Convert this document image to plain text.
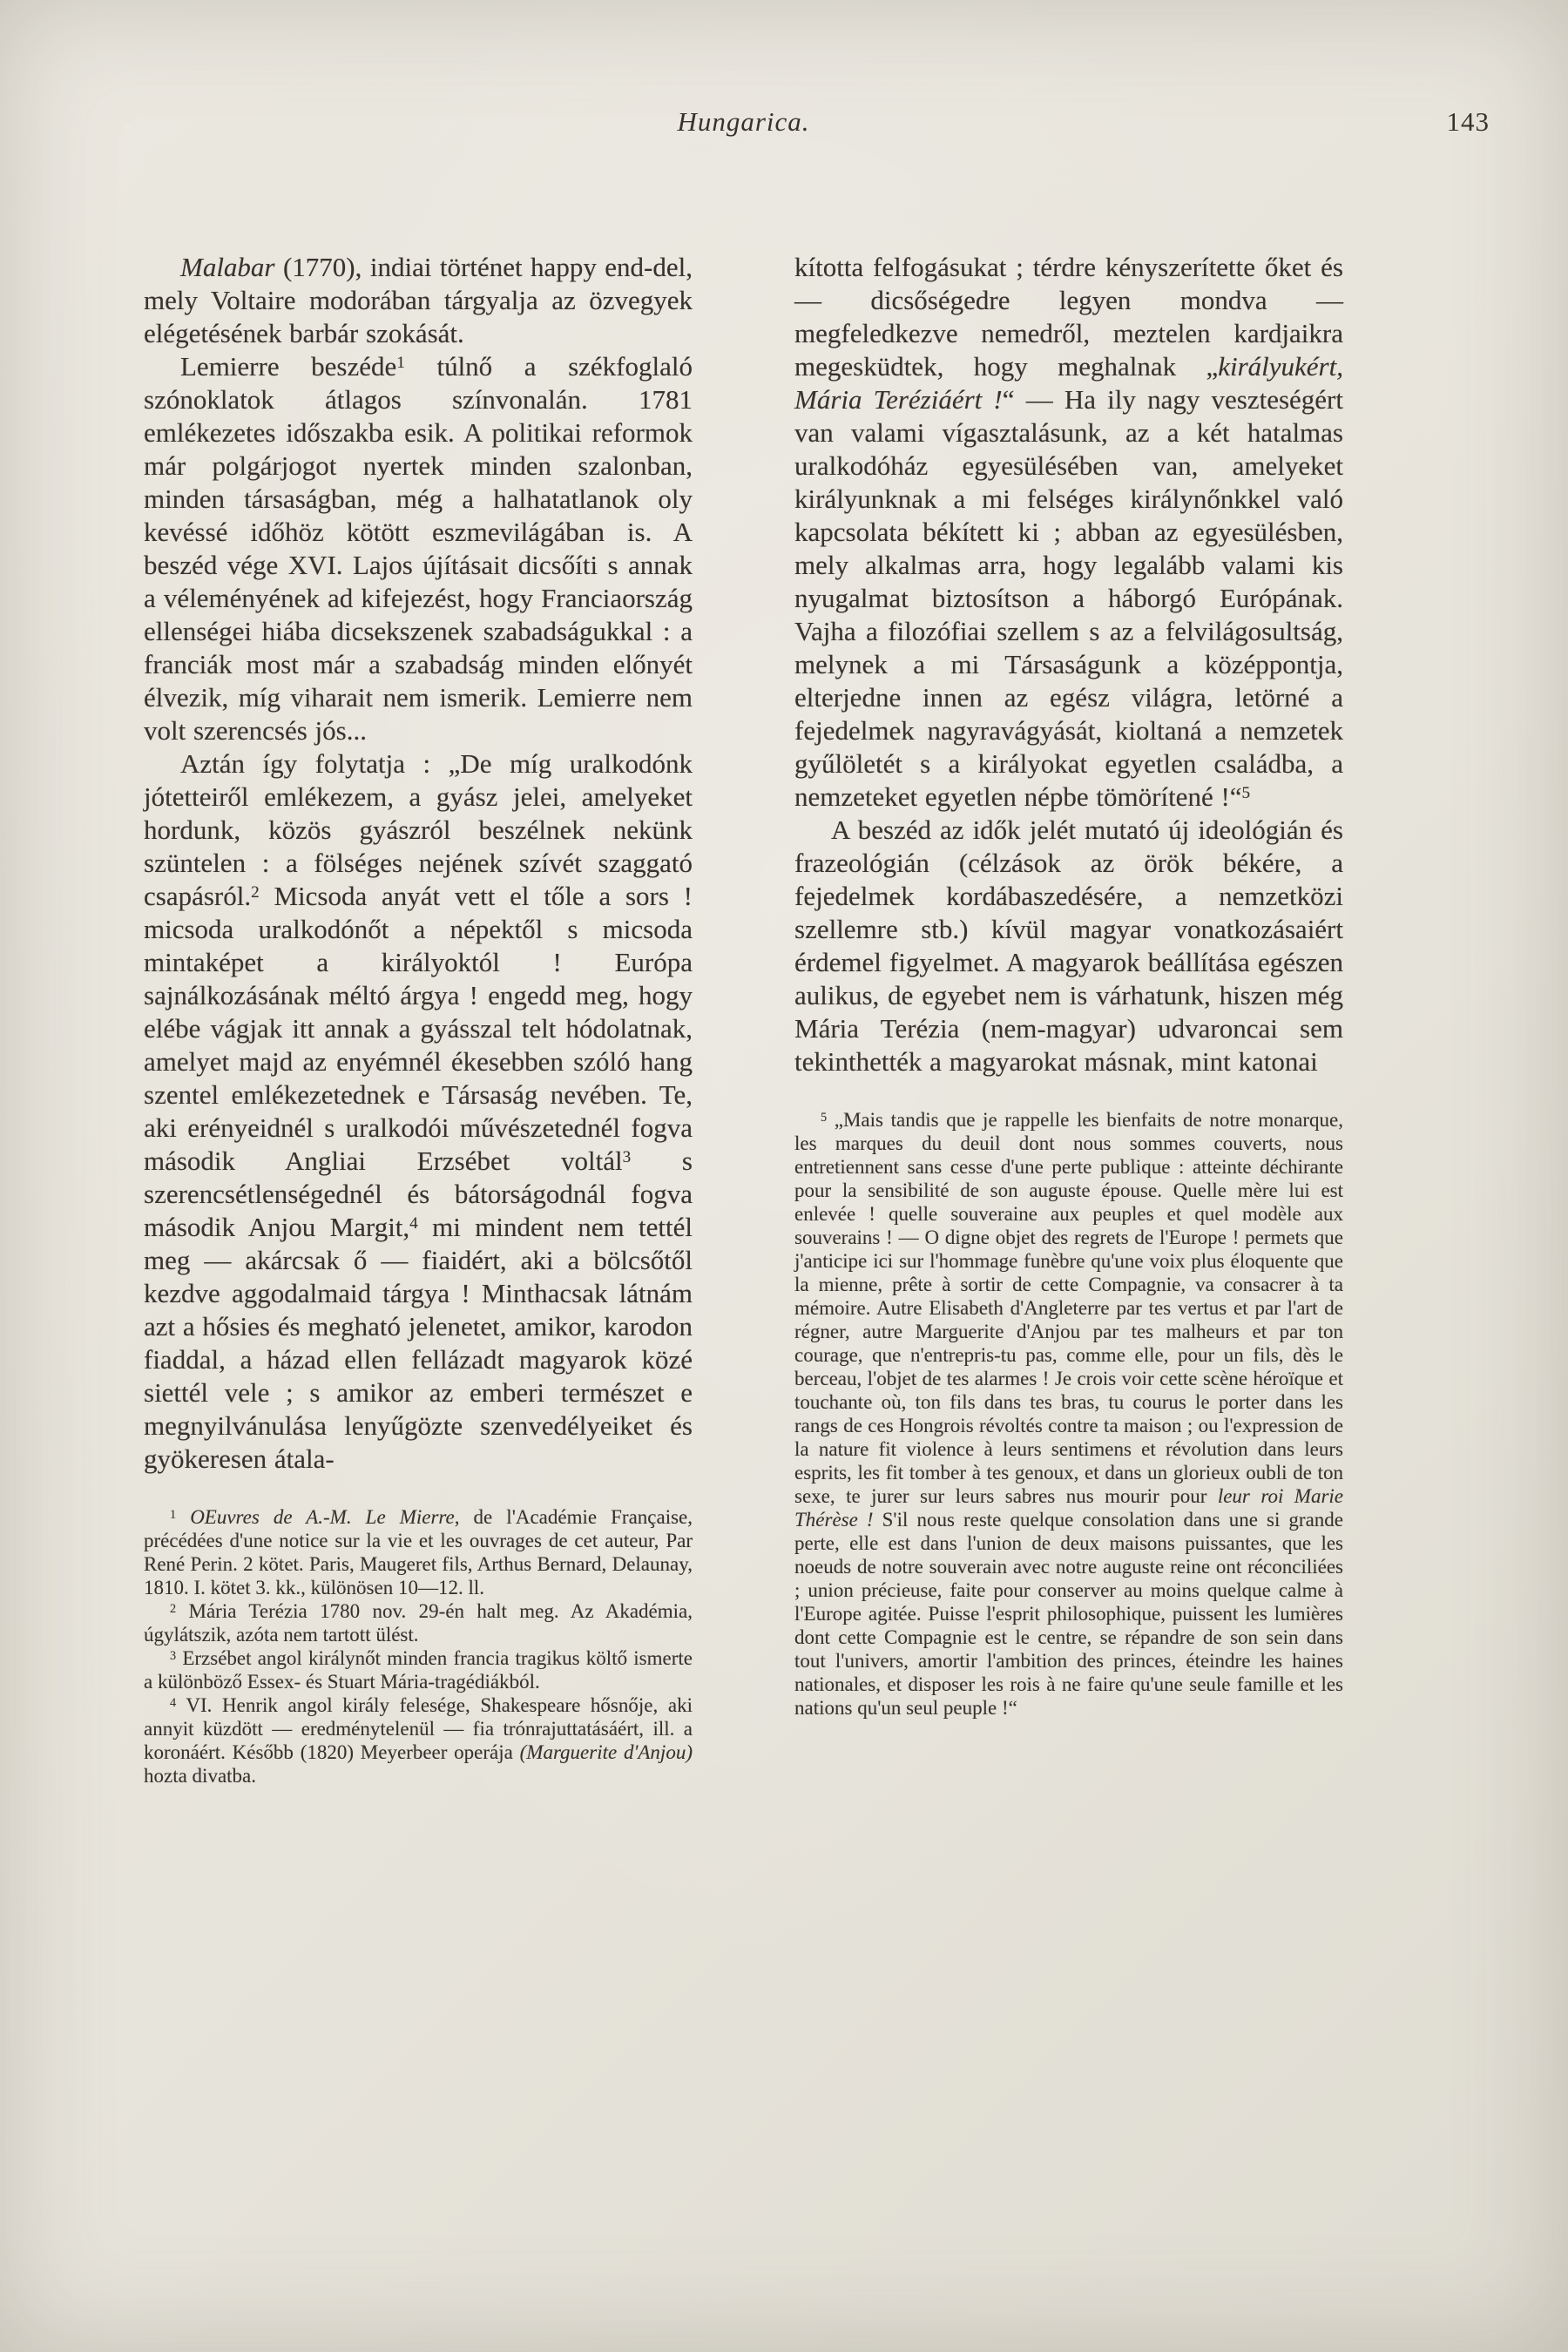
Hungarica.	143

Malabar (1770), indiai történet happy end-del, mely Voltaire modorában tárgyalja az özvegyek elégetésének barbár szokását.

Lemierre beszéde$^1$ túlnő a székfoglaló szónoklatok átlagos színvonalán. 1781 emlékezetes időszakba esik. A politikai reformok már polgárjogot nyertek minden szalonban, minden társaságban, még a halhatatlanok oly kevéssé időhöz kötött eszmevilágában is. A beszéd vége XVI. Lajos újításait dicsőíti s annak a véleményének ad kifejezést, hogy Franciaország ellenségei hiába dicsekszenek szabadságukkal : a franciák most már a szabadság minden előnyét élvezik, míg viharait nem ismerik. Lemierre nem volt szerencsés jós...

Aztán így folytatja : „De míg uralkodónk jótetteiről emlékezem, a gyász jelei, amelyeket hordunk, közös gyászról beszélnek nekünk szüntelen : a fölséges nejének szívét szaggató csapásról.$^2$ Micsoda anyát vett el tőle a sors ! micsoda uralkodónőt a népektől s micsoda mintaképet a királyoktól ! Európa sajnálkozásának méltó árgya ! engedd meg, hogy elébe vágjak itt annak a gyásszal telt hódolatnak, amelyet majd az enyémnél ékesebben szóló hang szentel emlékezetednek e Társaság nevében. Te, aki erényeidnél s uralkodói művészetednél fogva második Angliai Erzsébet voltál$^3$ s szerencsétlenségednél és bátorságodnál fogva második Anjou Margit,$^4$ mi mindent nem tettél meg — akárcsak ő — fiaidért, aki a bölcsőtől kezdve aggodalmaid tárgya ! Minthacsak látnám azt a hősies és megható jelenetet, amikor, karodon fiaddal, a házad ellen fellázadt magyarok közé siettél vele ; s amikor az emberi természet e megnyilvánulása lenyűgözte szenvedélyeiket és gyökeresen átala-

$^1$ OEuvres de A.-M. Le Mierre, de l'Académie Française, précédées d'une notice sur la vie et les ouvrages de cet auteur, Par René Perin. 2 kötet. Paris, Maugeret fils, Arthus Bernard, Delaunay, 1810. I. kötet 3. kk., különösen 10—12. ll.

$^2$ Mária Terézia 1780 nov. 29-én halt meg. Az Akadémia, úgylátszik, azóta nem tartott ülést.

$^3$ Erzsébet angol királynőt minden francia tragikus költő ismerte a különböző Essex- és Stuart Mária-tragédiákból.

$^4$ VI. Henrik angol király felesége, Shakespeare hősnője, aki annyit küzdött — eredménytelenül — fia trónrajuttatásáért, ill. a koronáért. Később (1820) Meyerbeer operája (Marguerite d'Anjou) hozta divatba.

kította felfogásukat ; térdre kényszerítette őket és — dicsőségedre legyen mondva — megfeledkezve nemedről, meztelen kardjaikra megesküdtek, hogy meghalnak „királyukért, Mária Teréziáért !“ — Ha ily nagy veszteségért van valami vígasztalásunk, az a két hatalmas uralkodóház egyesülésében van, amelyeket királyunknak a mi felséges királynőnkkel való kapcsolata békített ki ; abban az egyesülésben, mely alkalmas arra, hogy legalább valami kis nyugalmat biztosítson a háborgó Európának. Vajha a filozófiai szellem s az a felvilágosultság, melynek a mi Társaságunk a középpontja, elterjedne innen az egész világra, letörné a fejedelmek nagyravágyását, kioltaná a nemzetek gyűlöletét s a királyokat egyetlen családba, a nemzeteket egyetlen népbe tömörítené !“$^5$

A beszéd az idők jelét mutató új ideológián és frazeológián (célzások az örök békére, a fejedelmek kordábaszedésére, a nemzetközi szellemre stb.) kívül magyar vonatkozásaiért érdemel figyelmet. A magyarok beállítása egészen aulikus, de egyebet nem is várhatunk, hiszen még Mária Terézia (nem-magyar) udvaroncai sem tekinthették a magyarokat másnak, mint katonai

$^5$ „Mais tandis que je rappelle les bienfaits de notre monarque, les marques du deuil dont nous sommes couverts, nous entretiennent sans cesse d'une perte publique : atteinte déchirante pour la sensibilité de son auguste épouse. Quelle mère lui est enlevée ! quelle souveraine aux peuples et quel modèle aux souverains ! — O digne objet des regrets de l'Europe ! permets que j'anticipe ici sur l'hommage funèbre qu'une voix plus éloquente que la mienne, prête à sortir de cette Compagnie, va consacrer à ta mémoire. Autre Elisabeth d'Angleterre par tes vertus et par l'art de régner, autre Marguerite d'Anjou par tes malheurs et par ton courage, que n'entrepris-tu pas, comme elle, pour un fils, dès le berceau, l'objet de tes alarmes ! Je crois voir cette scène héroïque et touchante où, ton fils dans tes bras, tu courus le porter dans les rangs de ces Hongrois révoltés contre ta maison ; ou l'expression de la nature fit violence à leurs sentimens et révolution dans leurs esprits, les fit tomber à tes genoux, et dans un glorieux oubli de ton sexe, te jurer sur leurs sabres nus mourir pour leur roi Marie Thérèse ! S'il nous reste quelque consolation dans une si grande perte, elle est dans l'union de deux maisons puissantes, que les noeuds de notre souverain avec notre auguste reine ont réconciliées ; union précieuse, faite pour conserver au moins quelque calme à l'Europe agitée. Puisse l'esprit philosophique, puissent les lumières dont cette Compagnie est le centre, se répandre de son sein dans tout l'univers, amortir l'ambition des princes, éteindre les haines nationales, et disposer les rois à ne faire qu'une seule famille et les nations qu'un seul peuple !“
